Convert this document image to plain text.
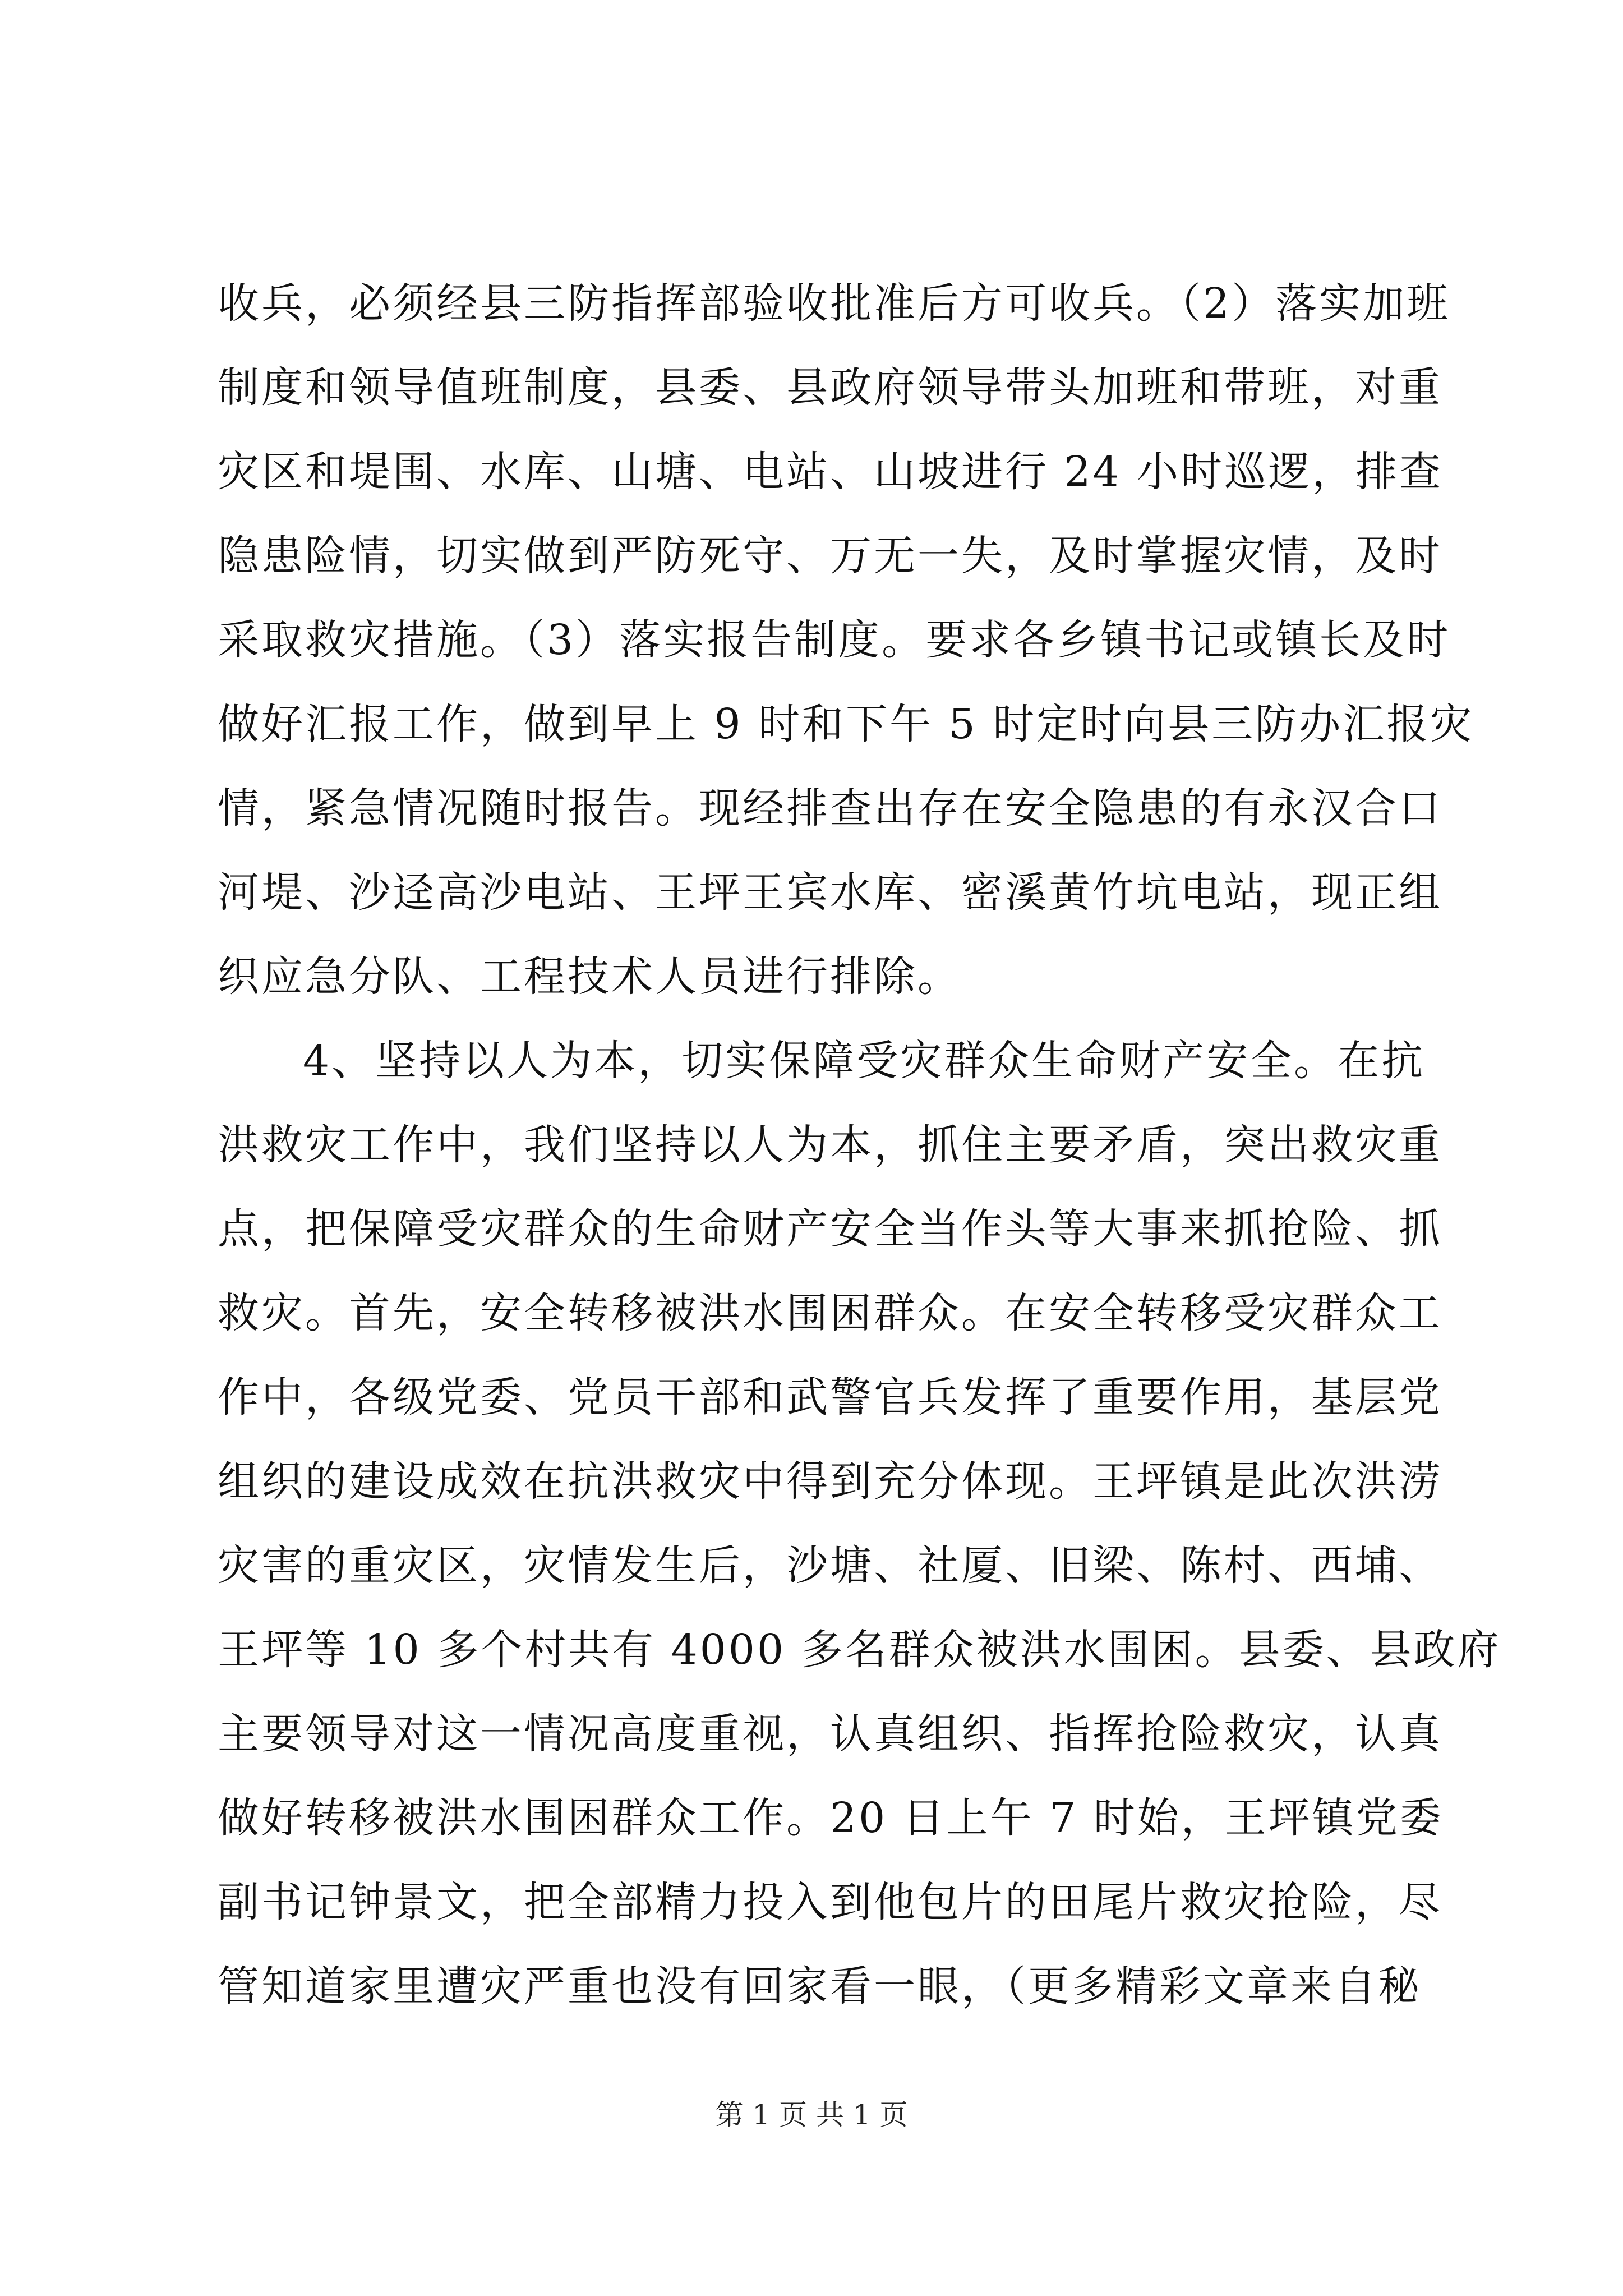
收兵，必须经县三防指挥部验收批准后方可收兵。（2）落实加班
制度和领导值班制度，县委、县政府领导带头加班和带班，对重
灾区和堤围、水库、山塘、电站、山坡进行 24 小时巡逻，排查
隐患险情，切实做到严防死守、万无一失，及时掌握灾情，及时
采取救灾措施。（3）落实报告制度。要求各乡镇书记或镇长及时
做好汇报工作，做到早上 9 时和下午 5 时定时向县三防办汇报灾
情，紧急情况随时报告。现经排查出存在安全隐患的有永汉合口
河堤、沙迳高沙电站、王坪王宾水库、密溪黄竹坑电站，现正组
织应急分队、工程技术人员进行排除。
4、坚持以人为本，切实保障受灾群众生命财产安全。在抗
洪救灾工作中，我们坚持以人为本，抓住主要矛盾，突出救灾重
点，把保障受灾群众的生命财产安全当作头等大事来抓抢险、抓
救灾。首先，安全转移被洪水围困群众。在安全转移受灾群众工
作中，各级党委、党员干部和武警官兵发挥了重要作用，基层党
组织的建设成效在抗洪救灾中得到充分体现。王坪镇是此次洪涝
灾害的重灾区，灾情发生后，沙塘、社厦、旧梁、陈村、西埔、
王坪等 10 多个村共有 4000 多名群众被洪水围困。县委、县政府
主要领导对这一情况高度重视，认真组织、指挥抢险救灾，认真
做好转移被洪水围困群众工作。20 日上午 7 时始，王坪镇党委
副书记钟景文，把全部精力投入到他包片的田尾片救灾抢险，尽
管知道家里遭灾严重也没有回家看一眼，（更多精彩文章来自秘
第 1 页 共 1 页
